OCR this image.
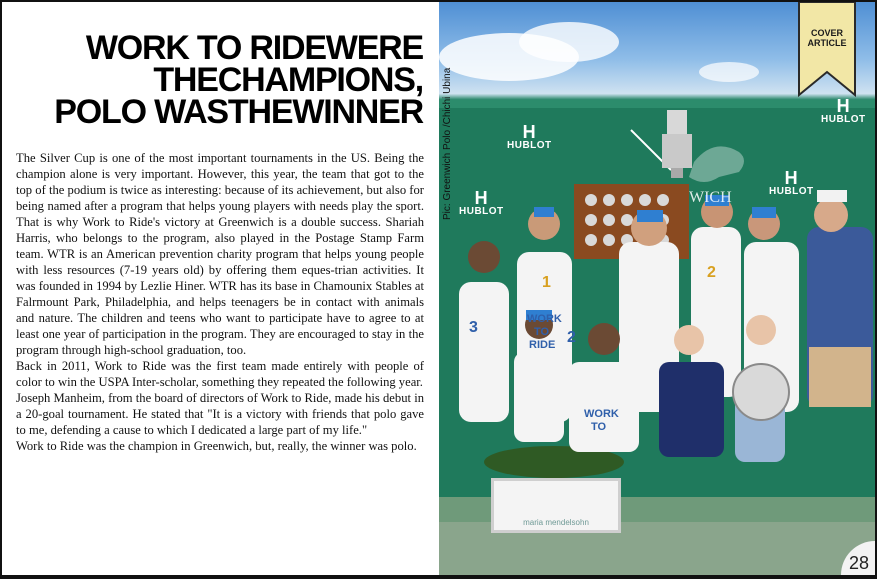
WORK TO RIDEWERE
THECHAMPIONS,
POLO WASTHEWINNER

The Silver Cup is one of the most important tournaments in the US. Being the champion alone is very important. However, this year, the team that got to the top of the podium is twice as interesting: because of its achievement, but also for being named after a program that helps young players with needs play the sport. That is why Work to Ride's victory at Greenwich is a double success. Shariah Harris, who belongs to the program, also played in the Postage Stamp Farm team. WTR is an American prevention charity program that helps young people with less resources (7-19 years old) by offering them eques-trian activities. It was founded in 1994 by Lezlie Hiner. WTR has its base in Chamounix Stables at Falrmount Park, Philadelphia, and helps teenagers be in contact with animals and nature. The children and teens who want to participate have to agree to at least one year of participation in the program. They are encouraged to stay in the program through high-school graduation, too.

Back in 2011, Work to Ride was the first team made entirely with people of color to win the USPA Inter-scholar, something they repeated the following year.

Joseph Manheim, from the board of directors of Work to Ride, made his debut in a 20-goal tournament. He stated that "It is a victory with friends that polo gave to me, defending a cause to which I dedicated a large part of my life."

Work to Ride was the champion in Greenwich, but, really, the winner was polo.

WORK
TO
RIDE
WORK
TO
3
1
2
2
WICH
H
HUBLOT
H
HUBLOT
H
HUBLOT
H
HUBLOT
maria mendelsohn
Pic: Greenwich Polo /Chichi Ubina
COVER
ARTICLE
28
